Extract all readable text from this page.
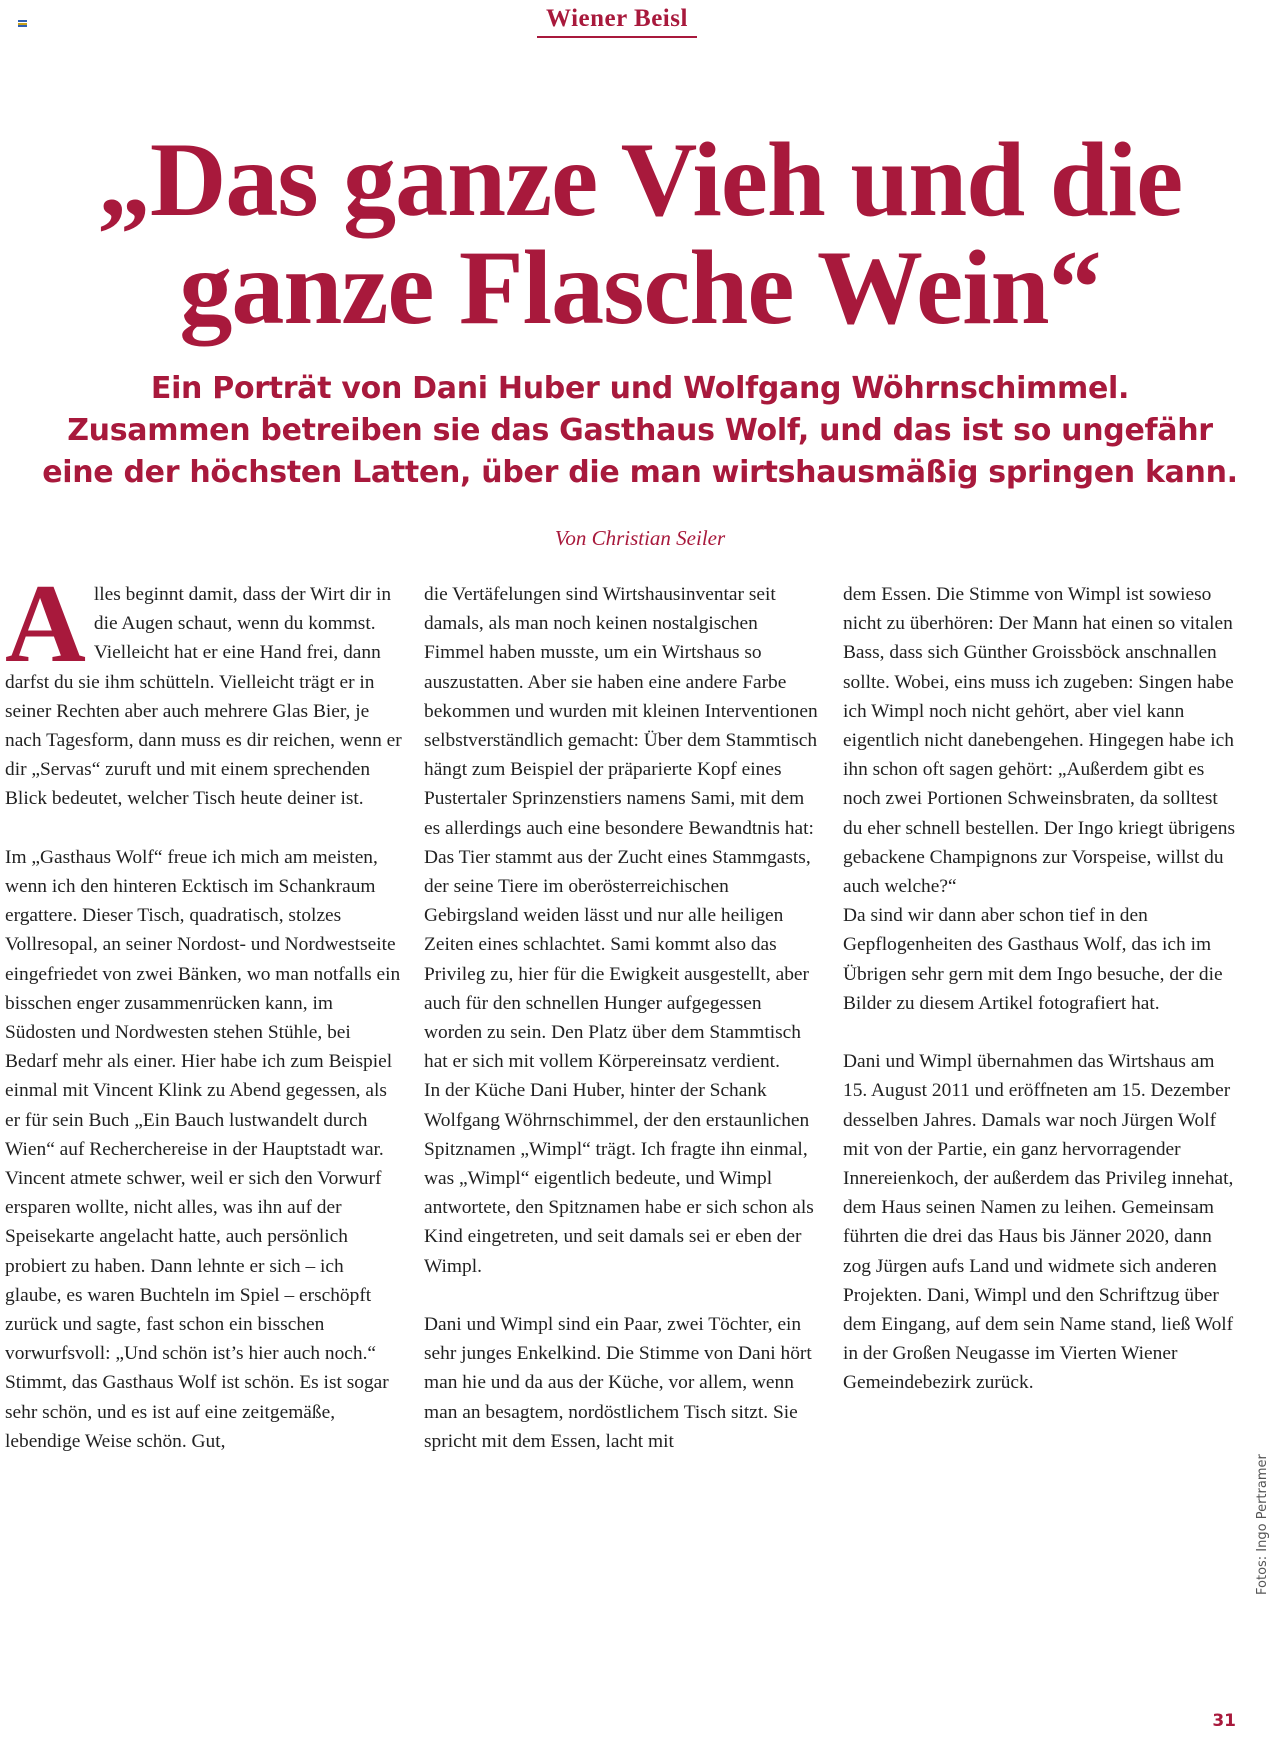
Wiener Beisl
„Das ganze Vieh und die
ganze Flasche Wein“
Ein Porträt von Dani Huber und Wolfgang Wöhrnschimmel.
Zusammen betreiben sie das Gasthaus Wolf, und das ist so ungefähr
eine der höchsten Latten, über die man wirtshausmäßig springen kann.
Von Christian Seiler

Alles beginnt damit, dass der Wirt dir in die Augen schaut, wenn du kommst. Vielleicht hat er eine Hand frei, dann darfst du sie ihm schütteln. Vielleicht trägt er in seiner Rechten aber auch mehrere Glas Bier, je nach Tagesform, dann muss es dir reichen, wenn er dir „Servas“ zuruft und mit einem sprechenden Blick bedeutet, welcher Tisch heute deiner ist.

Im „Gasthaus Wolf“ freue ich mich am meisten, wenn ich den hinteren Ecktisch im Schankraum ergattere. Dieser Tisch, quadratisch, stolzes Vollresopal, an seiner Nordost- und Nordwestseite eingefriedet von zwei Bänken, wo man notfalls ein bisschen enger zusammenrücken kann, im Südosten und Nordwesten stehen Stühle, bei Bedarf mehr als einer. Hier habe ich zum Beispiel einmal mit Vincent Klink zu Abend gegessen, als er für sein Buch „Ein Bauch lustwandelt durch Wien“ auf Recherchereise in der Hauptstadt war. Vincent atmete schwer, weil er sich den Vorwurf ersparen wollte, nicht alles, was ihn auf der Speisekarte angelacht hatte, auch persönlich probiert zu haben. Dann lehnte er sich – ich glaube, es waren Buchteln im Spiel – erschöpft zurück und sagte, fast schon ein bisschen vorwurfsvoll: „Und schön ist’s hier auch noch.“ Stimmt, das Gasthaus Wolf ist schön. Es ist sogar sehr schön, und es ist auf eine zeitgemäße, lebendige Weise schön. Gut,

die Vertäfelungen sind Wirtshausinventar seit damals, als man noch keinen nostalgischen Fimmel haben musste, um ein Wirtshaus so auszustatten. Aber sie haben eine andere Farbe bekommen und wurden mit kleinen Interventionen selbstverständlich gemacht: Über dem Stammtisch hängt zum Beispiel der präparierte Kopf eines Pustertaler Sprinzenstiers namens Sami, mit dem es allerdings auch eine besondere Bewandtnis hat: Das Tier stammt aus der Zucht eines Stammgasts, der seine Tiere im oberösterreichischen Gebirgsland weiden lässt und nur alle heiligen Zeiten eines schlachtet. Sami kommt also das Privileg zu, hier für die Ewigkeit ausgestellt, aber auch für den schnellen Hunger aufgegessen worden zu sein. Den Platz über dem Stammtisch hat er sich mit vollem Körpereinsatz verdient.

In der Küche Dani Huber, hinter der Schank Wolfgang Wöhrnschimmel, der den erstaunlichen Spitznamen „Wimpl“ trägt. Ich fragte ihn einmal, was „Wimpl“ eigentlich bedeute, und Wimpl antwortete, den Spitznamen habe er sich schon als Kind eingetreten, und seit damals sei er eben der Wimpl.

Dani und Wimpl sind ein Paar, zwei Töchter, ein sehr junges Enkelkind. Die Stimme von Dani hört man hie und da aus der Küche, vor allem, wenn man an besagtem, nordöstlichem Tisch sitzt. Sie spricht mit dem Essen, lacht mit

dem Essen. Die Stimme von Wimpl ist sowieso nicht zu überhören: Der Mann hat einen so vitalen Bass, dass sich Günther Groissböck anschnallen sollte. Wobei, eins muss ich zugeben: Singen habe ich Wimpl noch nicht gehört, aber viel kann eigentlich nicht danebengehen. Hingegen habe ich ihn schon oft sagen gehört: „Außerdem gibt es noch zwei Portionen Schweinsbraten, da solltest du eher schnell bestellen. Der Ingo kriegt übrigens gebackene Champignons zur Vorspeise, willst du auch welche?“

Da sind wir dann aber schon tief in den Gepflogenheiten des Gasthaus Wolf, das ich im Übrigen sehr gern mit dem Ingo besuche, der die Bilder zu diesem Artikel fotografiert hat.

Dani und Wimpl übernahmen das Wirtshaus am 15. August 2011 und eröffneten am 15. Dezember desselben Jahres. Damals war noch Jürgen Wolf mit von der Partie, ein ganz hervorragender Innereienkoch, der außerdem das Privileg innehat, dem Haus seinen Namen zu leihen. Gemeinsam führten die drei das Haus bis Jänner 2020, dann zog Jürgen aufs Land und widmete sich anderen Projekten. Dani, Wimpl und den Schriftzug über dem Eingang, auf dem sein Name stand, ließ Wolf in der Großen Neugasse im Vierten Wiener Gemeindebezirk zurück.

Fotos: Ingo Pertramer
31
